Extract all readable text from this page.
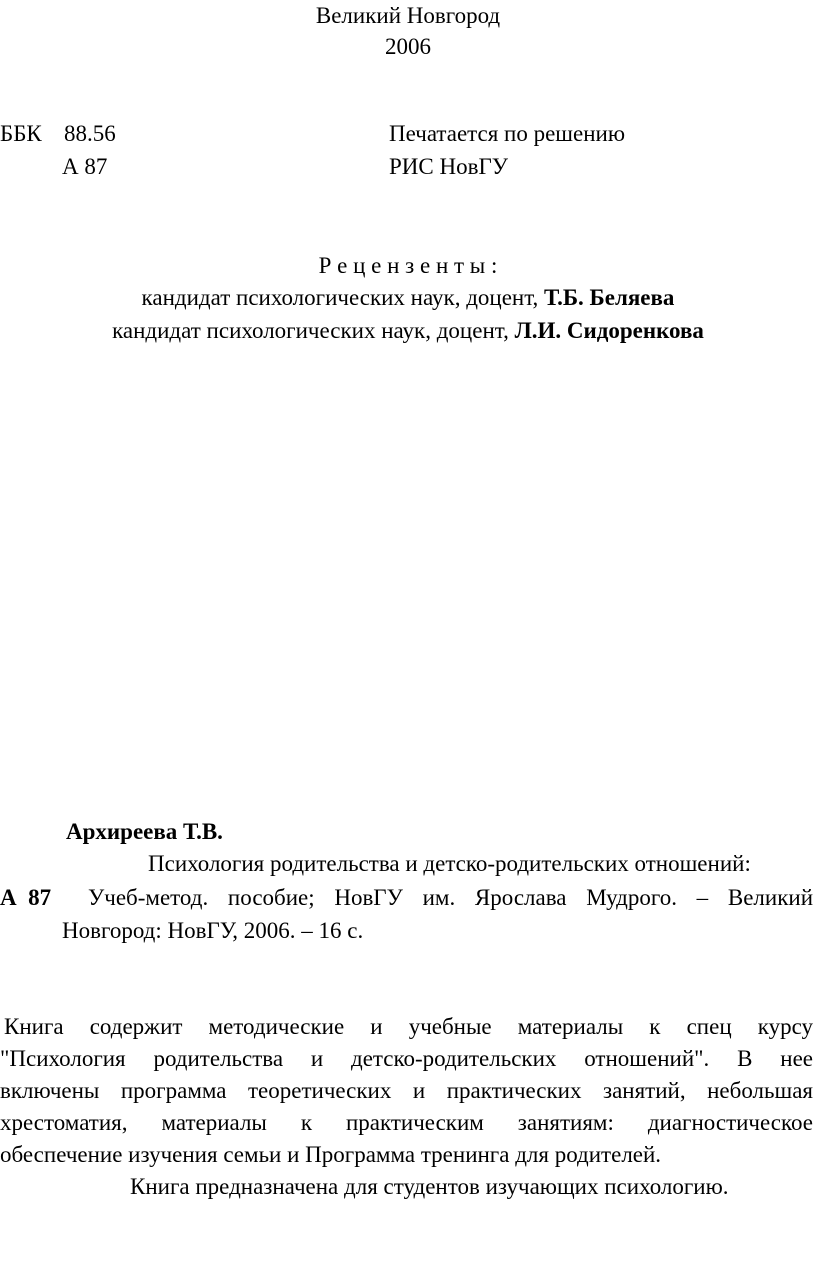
Великий Новгород
2006
ББК 88.56
А 87
Печатается по решению
РИС НовГУ
Р е ц е н з е н т ы :
кандидат психологических наук, доцент, Т.Б. Беляева
кандидат психологических наук, доцент, Л.И. Сидоренкова
Архиреева Т.В.
Психология родительства и детско-родительских отношений:
А  87 Учеб-метод. пособие; НовГУ им. Ярослава Мудрого. – Великий
Новгород: НовГУ, 2006. – 16 с.
Книга содержит методические и учебные материалы к спец курсу
"Психология родительства и детско-родительских отношений". В нее
включены программа теоретических и практических занятий, небольшая
хрестоматия, материалы к практическим занятиям: диагностическое
обеспечение изучения семьи и Программа тренинга для родителей.
Книга предназначена для студентов изучающих психологию.
